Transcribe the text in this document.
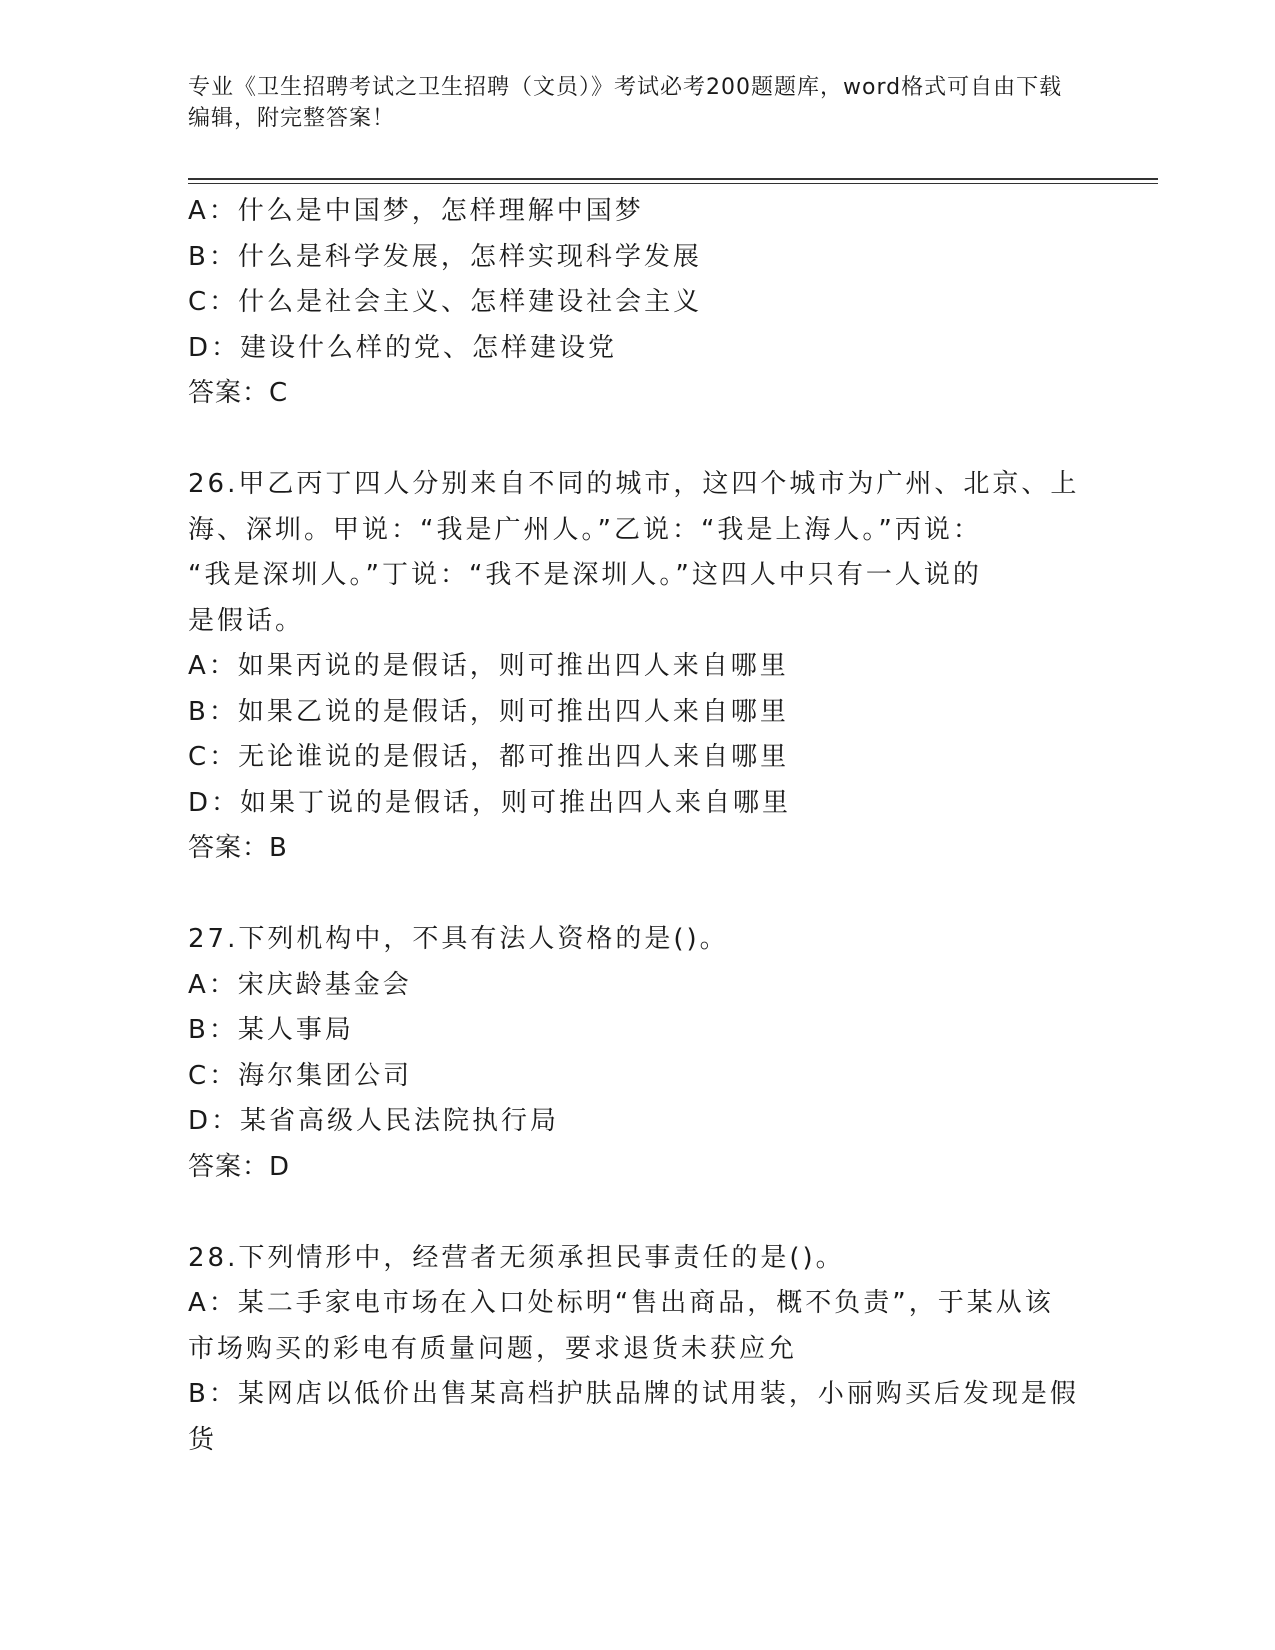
专业《卫生招聘考试之卫生招聘（文员）》考试必考200题题库，word格式可自由下载编辑，附完整答案！

A：什么是中国梦，怎样理解中国梦

B：什么是科学发展，怎样实现科学发展

C：什么是社会主义、怎样建设社会主义

D：建设什么样的党、怎样建设党

答案：C

26.甲乙丙丁四人分别来自不同的城市，这四个城市为广州、北京、上

海、深圳。甲说：“我是广州人。”乙说：“我是上海人。”丙说：

“我是深圳人。”丁说：“我不是深圳人。”这四人中只有一人说的

是假话。

A：如果丙说的是假话，则可推出四人来自哪里

B：如果乙说的是假话，则可推出四人来自哪里

C：无论谁说的是假话，都可推出四人来自哪里

D：如果丁说的是假话，则可推出四人来自哪里

答案：B

27.下列机构中，不具有法人资格的是()。

A：宋庆龄基金会

B：某人事局

C：海尔集团公司

D：某省高级人民法院执行局

答案：D

28.下列情形中，经营者无须承担民事责任的是()。

A：某二手家电市场在入口处标明“售出商品，概不负责”，于某从该

市场购买的彩电有质量问题，要求退货未获应允

B：某网店以低价出售某高档护肤品牌的试用装，小丽购买后发现是假

货
